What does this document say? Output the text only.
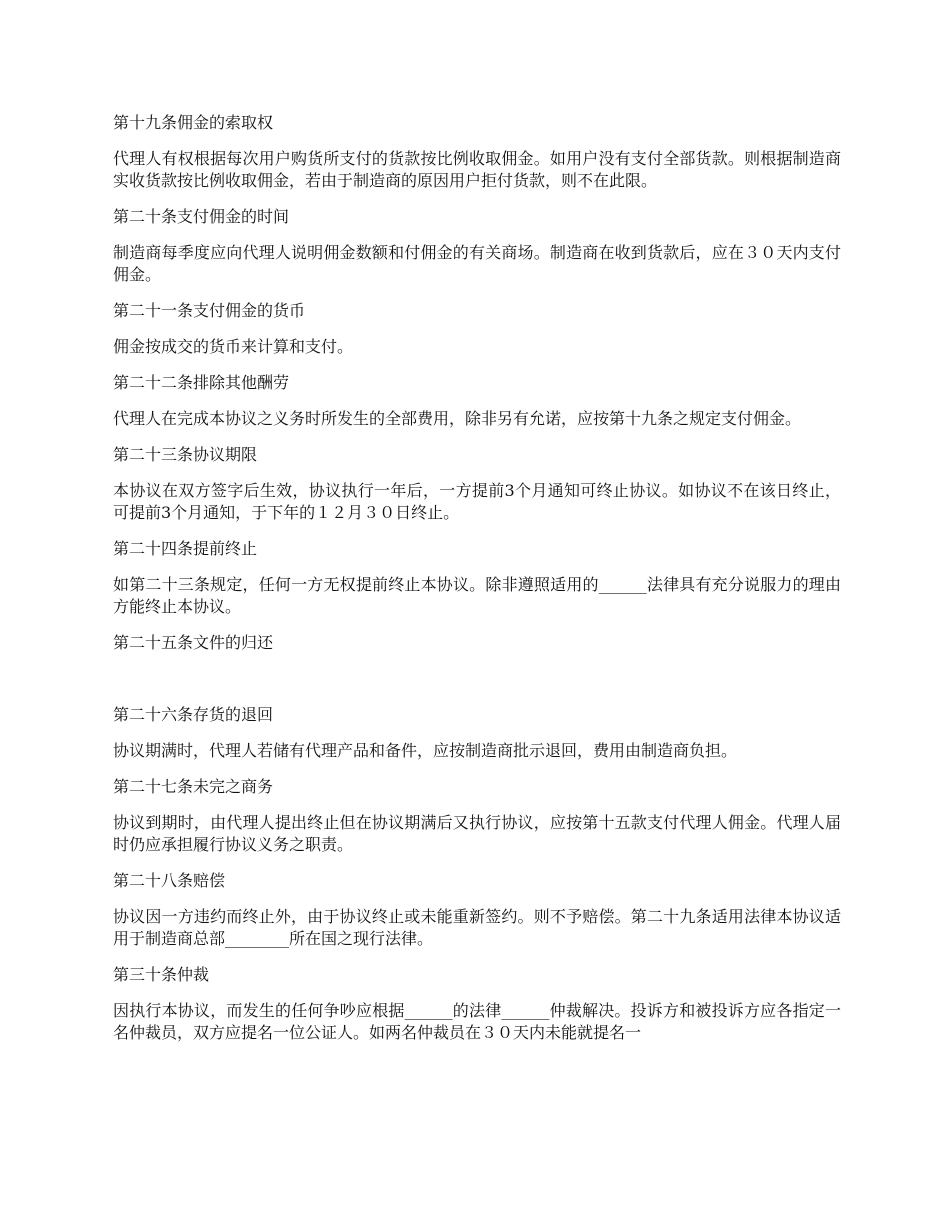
第十九条佣金的索取权
代理人有权根据每次用户购货所支付的货款按比例收取佣金。如用户没有支付全部货款。则根据制造商实收货款按比例收取佣金，若由于制造商的原因用户拒付货款，则不在此限。
第二十条支付佣金的时间
制造商每季度应向代理人说明佣金数额和付佣金的有关商场。制造商在收到货款后，应在３０天内支付佣金。
第二十一条支付佣金的货币
佣金按成交的货币来计算和支付。
第二十二条排除其他酬劳
代理人在完成本协议之义务时所发生的全部费用，除非另有允诺，应按第十九条之规定支付佣金。
第二十三条协议期限
本协议在双方签字后生效，协议执行一年后，一方提前3个月通知可终止协议。如协议不在该日终止，可提前3个月通知，于下年的１２月３０日终止。
第二十四条提前终止
如第二十三条规定，任何一方无权提前终止本协议。除非遵照适用的______法律具有充分说服力的理由方能终止本协议。
第二十五条文件的归还
第二十六条存货的退回
协议期满时，代理人若储有代理产品和备件，应按制造商批示退回，费用由制造商负担。
第二十七条未完之商务
协议到期时，由代理人提出终止但在协议期满后又执行协议，应按第十五款支付代理人佣金。代理人届时仍应承担履行协议义务之职责。
第二十八条赔偿
协议因一方违约而终止外，由于协议终止或未能重新签约。则不予赔偿。第二十九条适用法律本协议适用于制造商总部________所在国之现行法律。
第三十条仲裁
因执行本协议，而发生的任何争吵应根据______的法律______仲裁解决。投诉方和被投诉方应各指定一名仲裁员，双方应提名一位公证人。如两名仲裁员在３０天内未能就提名一
